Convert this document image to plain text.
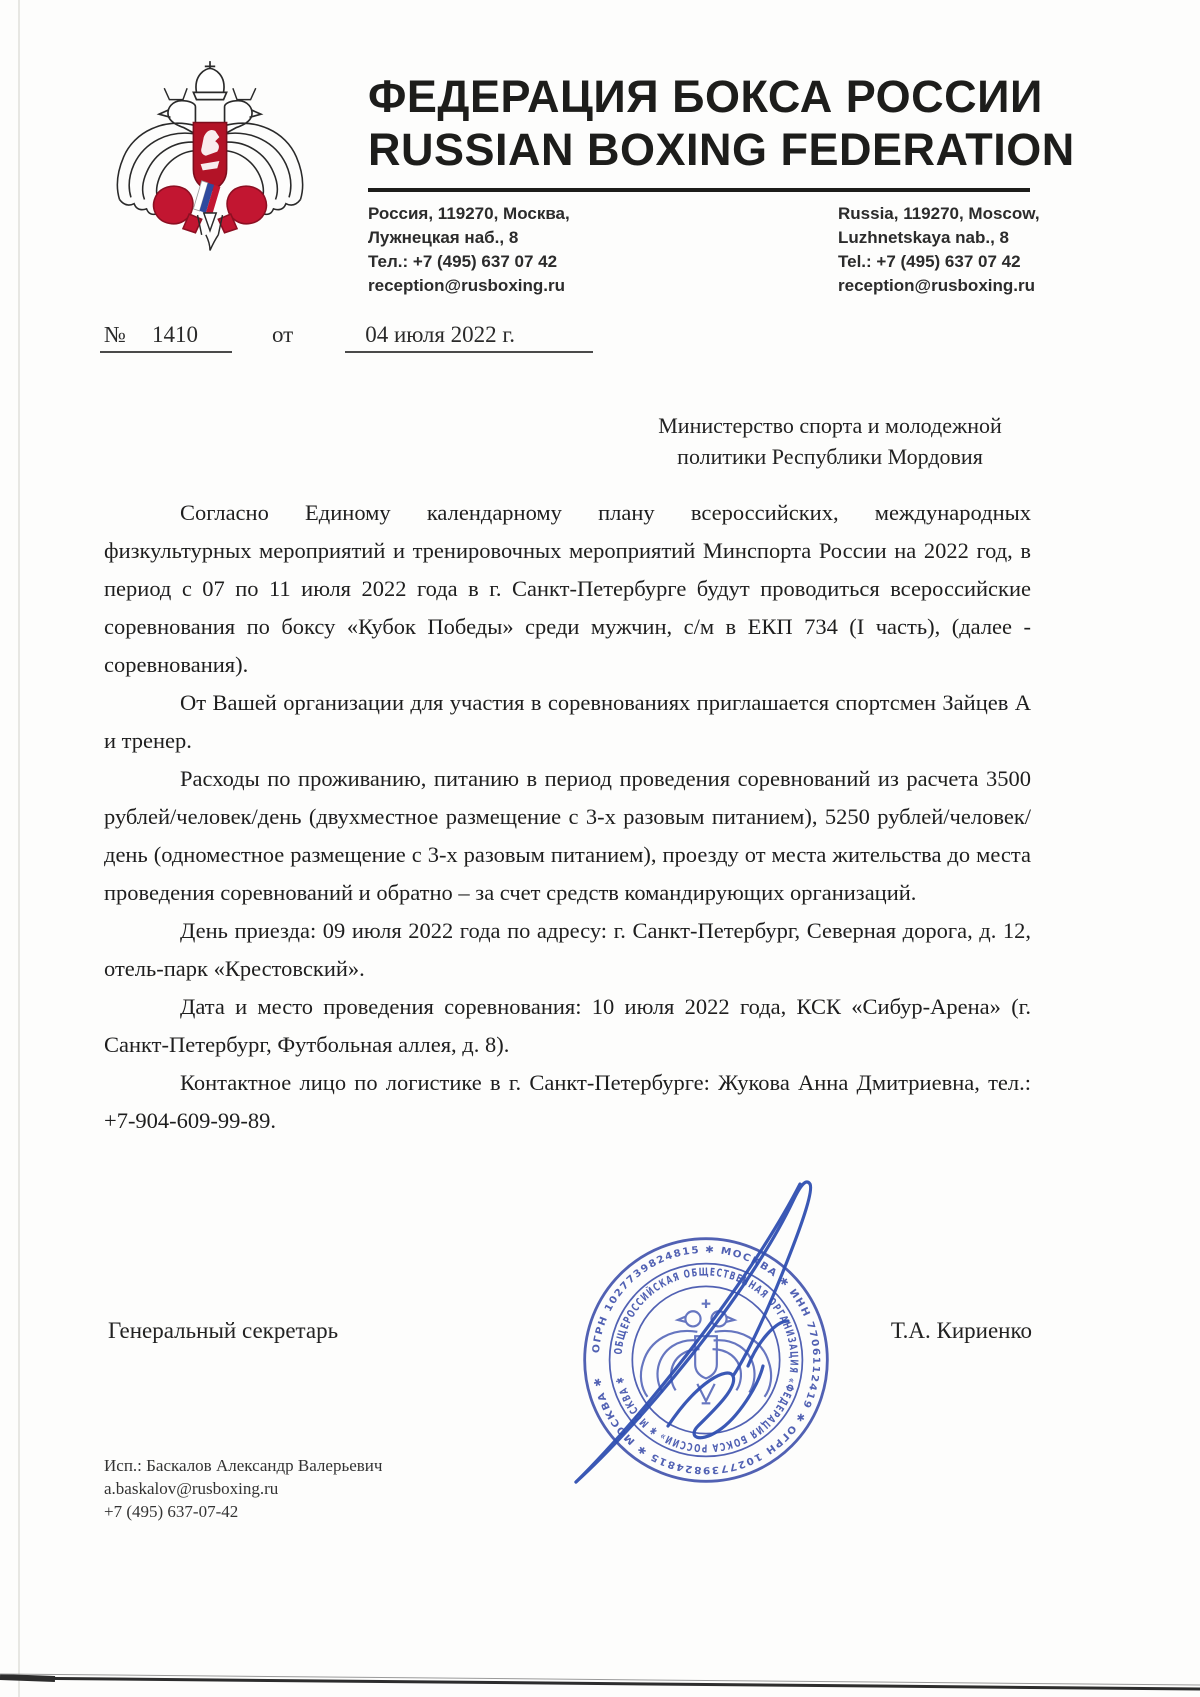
ФЕДЕРАЦИЯ БОКСА РОССИИ
RUSSIAN BOXING FEDERATION
Россия, 119270, Москва,
Лужнецкая наб., 8
Тел.: +7 (495) 637 07 42
reception@rusboxing.ru
Russia, 119270, Moscow,
Luzhnetskaya nab., 8
Tel.: +7 (495) 637 07 42
reception@rusboxing.ru
№ 1410	от	04 июля 2022 г.
Министерство спорта и молодежной
политики Республики Мордовия

Согласно Единому календарному плану всероссийских, международных физкультурных мероприятий и тренировочных мероприятий Минспорта России на 2022 год, в период с 07 по 11 июля 2022 года в г. Санкт-Петербурге будут проводиться всероссийские соревнования по боксу «Кубок Победы» среди мужчин, с/м в ЕКП 734 (I часть), (далее - соревнования).

От Вашей организации для участия в соревнованиях приглашается спортсмен Зайцев А и тренер.

Расходы по проживанию, питанию в период проведения соревнований из расчета 3500 рублей/человек/день (двухместное размещение с 3-х разовым питанием), 5250 рублей/человек/день (одноместное размещение с 3-х разовым питанием), проезду от места жительства до места проведения соревнований и обратно – за счет средств командирующих организаций.

День приезда: 09 июля 2022 года по адресу: г. Санкт-Петербург, Северная дорога, д. 12, отель-парк «Крестовский».

Дата и место проведения соревнования: 10 июля 2022 года, КСК «Сибур-Арена» (г. Санкт-Петербург, Футбольная аллея, д. 8).

Контактное лицо по логистике в г. Санкт-Петербурге: Жукова Анна Дмитриевна, тел.: +7-904-609-99-89.

Генеральный секретарь	Т.А. Кириенко
ОГРН 1027739824815 ✱ МОСКВА ✱ ИНН 7706112419 ✱ ОГРН 1027739824815 ✱ МОСКВА ✱
ОБЩЕРОССИЙСКАЯ ОБЩЕСТВЕННАЯ ОРГАНИЗАЦИЯ «ФЕДЕРАЦИЯ БОКСА РОССИИ» ✱ МОСКВА ✱
Исп.: Баскалов Александр Валерьевич
a.baskalov@rusboxing.ru
+7 (495) 637-07-42
